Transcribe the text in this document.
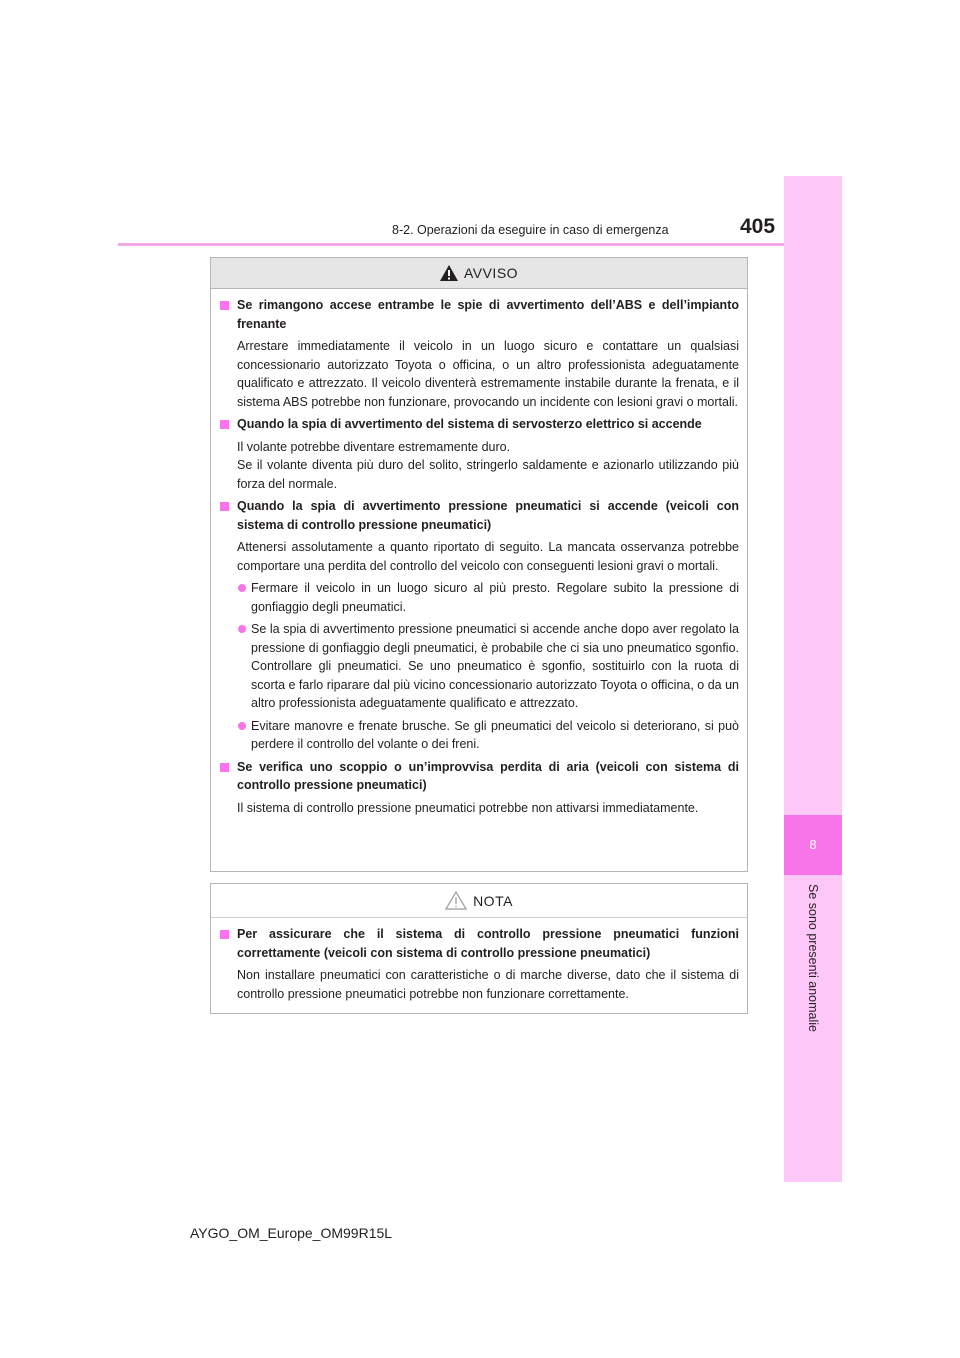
8-2. Operazioni da eseguire in caso di emergenza	405
8
Se sono presenti anomalie
AVVISO
Se rimangono accese entrambe le spie di avvertimento dell’ABS e dell’impianto frenante

Arrestare immediatamente il veicolo in un luogo sicuro e contattare un qualsiasi concessionario autorizzato Toyota o officina, o un altro professionista adeguatamente qualificato e attrezzato. Il veicolo diventerà estremamente instabile durante la frenata, e il sistema ABS potrebbe non funzionare, provocando un incidente con lesioni gravi o mortali.

Quando la spia di avvertimento del sistema di servosterzo elettrico si accende

Il volante potrebbe diventare estremamente duro.

Se il volante diventa più duro del solito, stringerlo saldamente e azionarlo utilizzando più forza del normale.

Quando la spia di avvertimento pressione pneumatici si accende (veicoli con sistema di controllo pressione pneumatici)

Attenersi assolutamente a quanto riportato di seguito. La mancata osservanza potrebbe comportare una perdita del controllo del veicolo con conseguenti lesioni gravi o mortali.

Fermare il veicolo in un luogo sicuro al più presto. Regolare subito la pressione di gonfiaggio degli pneumatici.

Se la spia di avvertimento pressione pneumatici si accende anche dopo aver regolato la pressione di gonfiaggio degli pneumatici, è probabile che ci sia uno pneumatico sgonfio. Controllare gli pneumatici. Se uno pneumatico è sgonfio, sostituirlo con la ruota di scorta e farlo riparare dal più vicino concessionario autorizzato Toyota o officina, o da un altro professionista adeguatamente qualificato e attrezzato.

Evitare manovre e frenate brusche. Se gli pneumatici del veicolo si deteriorano, si può perdere il controllo del volante o dei freni.

Se verifica uno scoppio o un’improvvisa perdita di aria (veicoli con sistema di controllo pressione pneumatici)

Il sistema di controllo pressione pneumatici potrebbe non attivarsi immediatamente.

NOTA
Per assicurare che il sistema di controllo pressione pneumatici funzioni correttamente (veicoli con sistema di controllo pressione pneumatici)

Non installare pneumatici con caratteristiche o di marche diverse, dato che il sistema di controllo pressione pneumatici potrebbe non funzionare correttamente.

AYGO_OM_Europe_OM99R15L
